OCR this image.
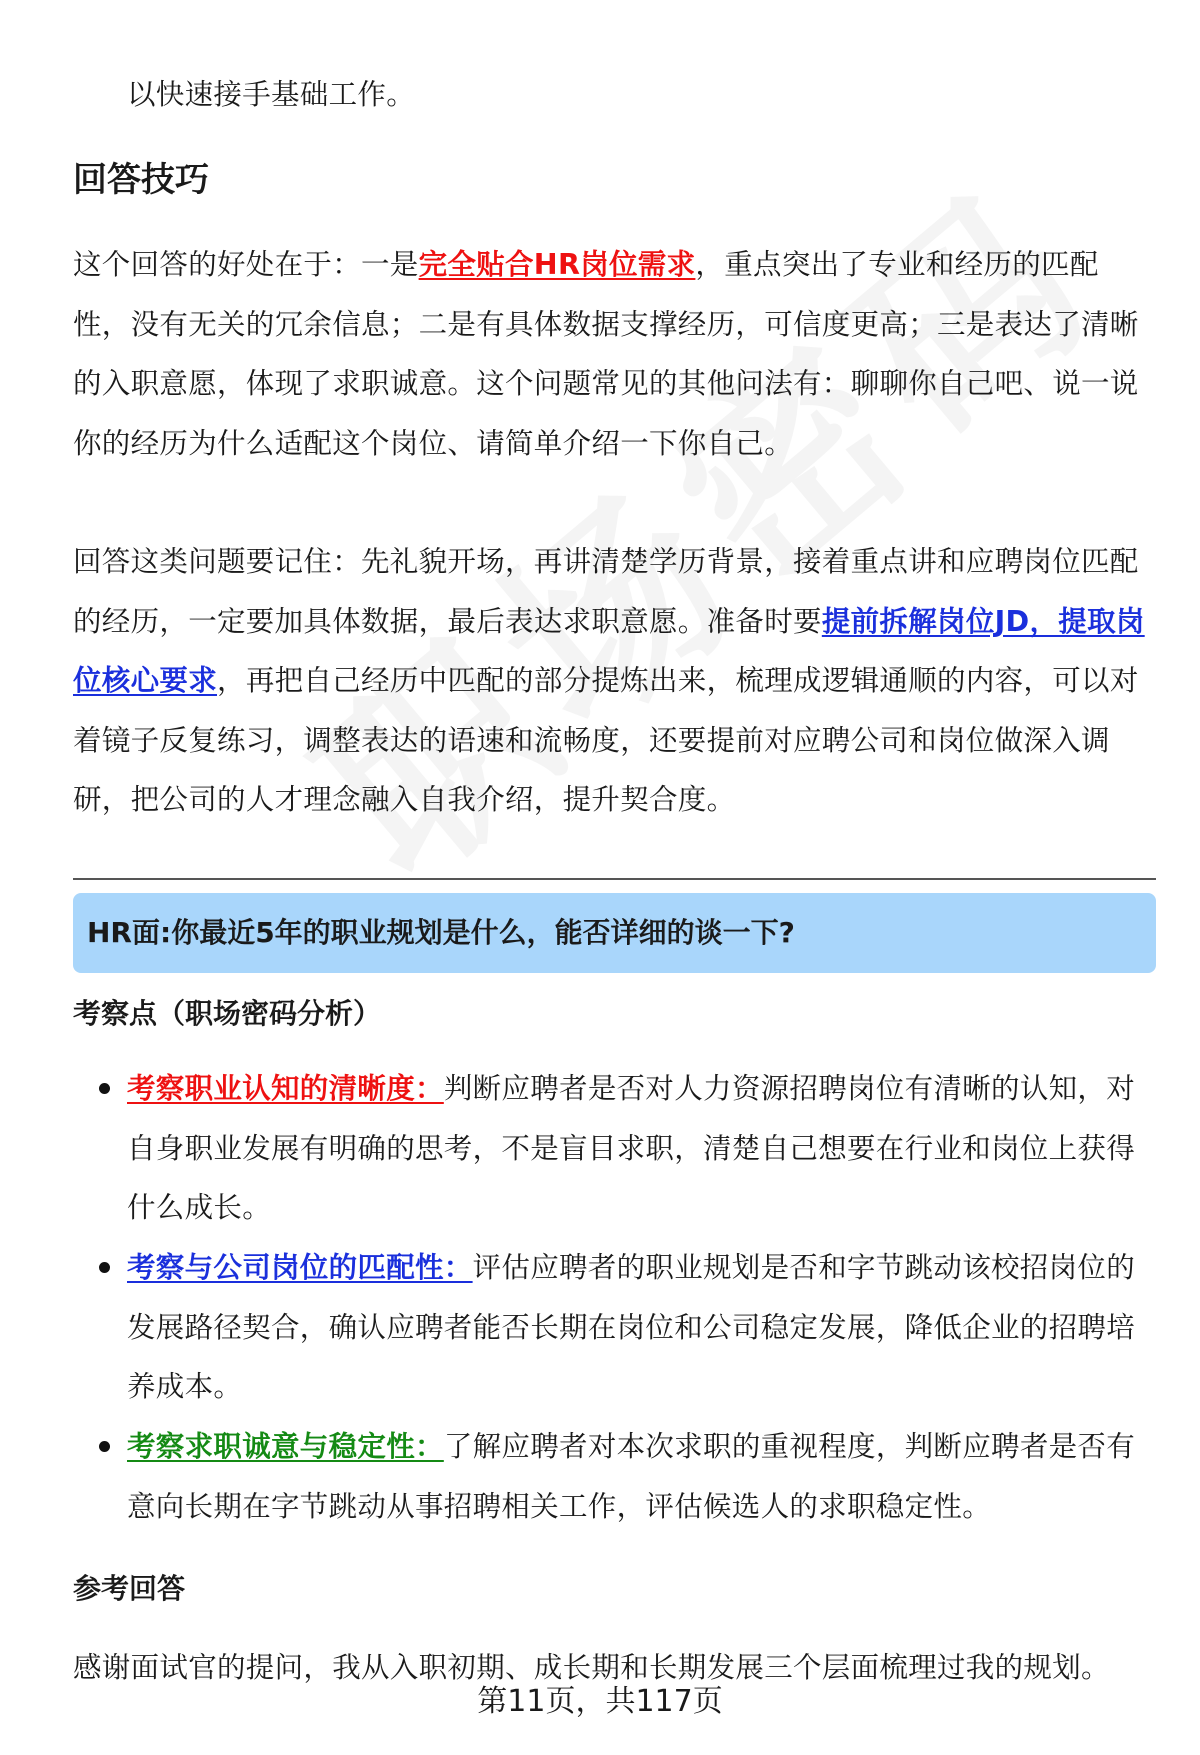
以快速接手基础工作。
回答技巧
这个回答的好处在于：一是完全贴合HR岗位需求，重点突出了专业和经历的匹配性，没有无关的冗余信息；二是有具体数据支撑经历，可信度更高；三是表达了清晰的入职意愿，体现了求职诚意。这个问题常见的其他问法有：聊聊你自己吧、说一说你的经历为什么适配这个岗位、请简单介绍一下你自己。
回答这类问题要记住：先礼貌开场，再讲清楚学历背景，接着重点讲和应聘岗位匹配的经历，一定要加具体数据，最后表达求职意愿。准备时要提前拆解岗位JD，提取岗位核心要求，再把自己经历中匹配的部分提炼出来，梳理成逻辑通顺的内容，可以对着镜子反复练习，调整表达的语速和流畅度，还要提前对应聘公司和岗位做深入调研，把公司的人才理念融入自我介绍，提升契合度。
HR面:你最近5年的职业规划是什么，能否详细的谈一下?
考察点（职场密码分析）
考察职业认知的清晰度：判断应聘者是否对人力资源招聘岗位有清晰的认知，对自身职业发展有明确的思考，不是盲目求职，清楚自己想要在行业和岗位上获得什么成长。
考察与公司岗位的匹配性：评估应聘者的职业规划是否和字节跳动该校招岗位的发展路径契合，确认应聘者能否长期在岗位和公司稳定发展，降低企业的招聘培养成本。
考察求职诚意与稳定性：了解应聘者对本次求职的重视程度，判断应聘者是否有意向长期在字节跳动从事招聘相关工作，评估候选人的求职稳定性。
参考回答
感谢面试官的提问，我从入职初期、成长期和长期发展三个层面梳理过我的规划。
第11页，共117页
